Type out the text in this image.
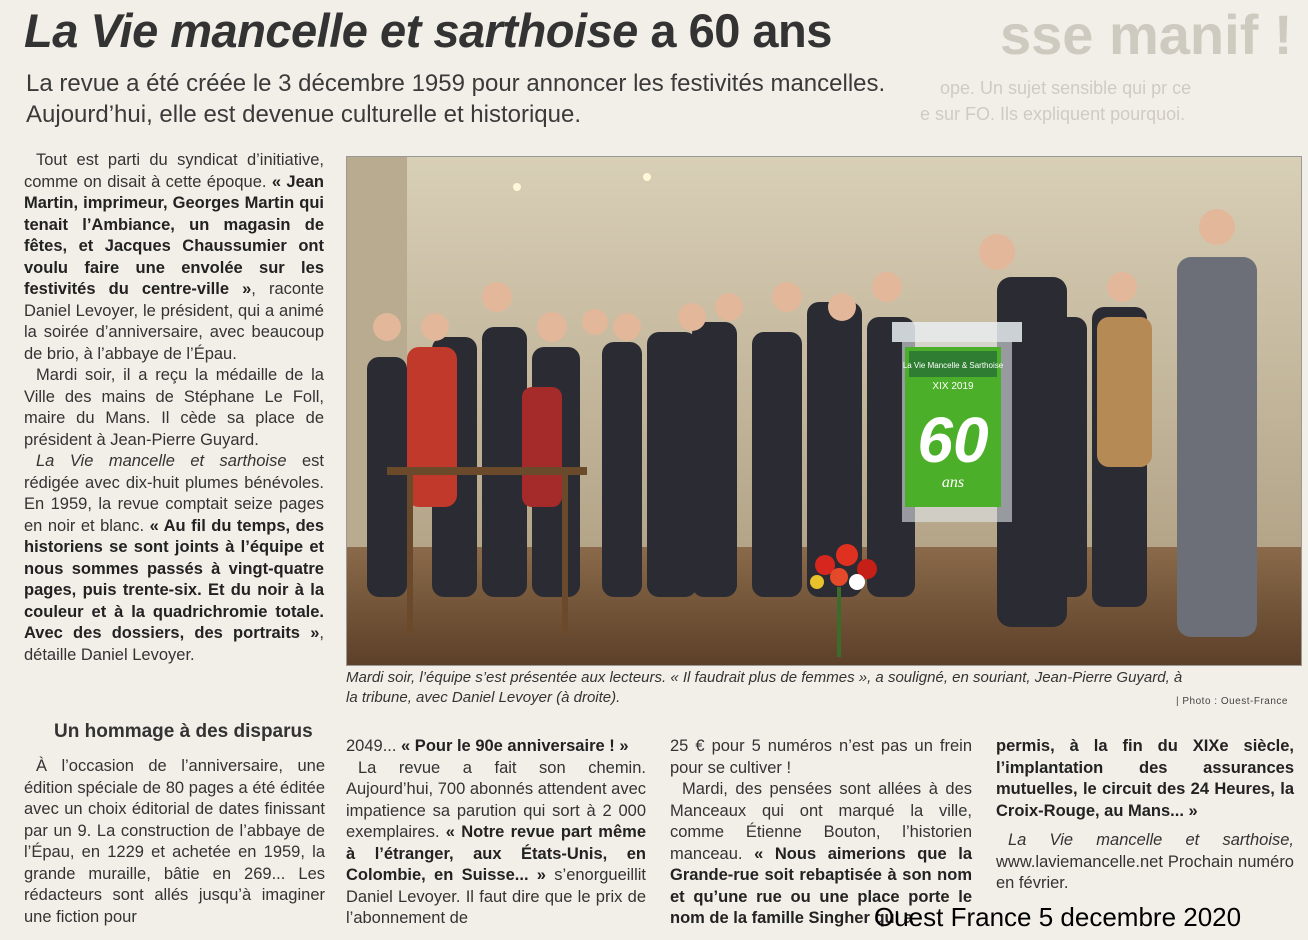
sse manif !
ope. Un sujet sensible qui pr ce
e sur FO. Ils expliquent pourquoi.
La Vie mancelle et sarthoise a 60 ans
La revue a été créée le 3 décembre 1959 pour annoncer les festivités mancelles. Aujourd’hui, elle est devenue culturelle et historique.

Tout est parti du syndicat d’initiative, comme on disait à cette époque. « Jean Martin, imprimeur, Georges Martin qui tenait l’Ambiance, un magasin de fêtes, et Jacques Chaussumier ont voulu faire une envolée sur les festivités du centre-ville », raconte Daniel Levoyer, le président, qui a animé la soirée d’anniversaire, avec beaucoup de brio, à l’abbaye de l’Épau.

Mardi soir, il a reçu la médaille de la Ville des mains de Stéphane Le Foll, maire du Mans. Il cède sa place de président à Jean-Pierre Guyard.

La Vie mancelle et sarthoise est rédigée avec dix-huit plumes bénévoles. En 1959, la revue comptait seize pages en noir et blanc. « Au fil du temps, des historiens se sont joints à l’équipe et nous sommes passés à vingt-quatre pages, puis trente-six. Et du noir à la couleur et à la quadrichromie totale. Avec des dossiers, des portraits », détaille Daniel Levoyer.

Un hommage à des disparus

À l’occasion de l’anniversaire, une édition spéciale de 80 pages a été éditée avec un choix éditorial de dates finissant par un 9. La construction de l’abbaye de l’Épau, en 1229 et achetée en 1959, la grande muraille, bâtie en 269... Les rédacteurs sont allés jusqu’à imaginer une fiction pour

La Vie Mancelle & Sarthoise
XIX 2019
60
ans
Mardi soir, l’équipe s’est présentée aux lecteurs. « Il faudrait plus de femmes », a souligné, en souriant, Jean-Pierre Guyard, à la tribune, avec Daniel Levoyer (à droite).	| Photo : Ouest-France

2049... « Pour le 90e anniversaire ! »

La revue a fait son chemin. Aujourd’hui, 700 abonnés attendent avec impatience sa parution qui sort à 2 000 exemplaires. « Notre revue part même à l’étranger, aux États-Unis, en Colombie, en Suisse... » s’enorgueillit Daniel Levoyer. Il faut dire que le prix de l’abonnement de

25 € pour 5 numéros n’est pas un frein pour se cultiver !

Mardi, des pensées sont allées à des Manceaux qui ont marqué la ville, comme Étienne Bouton, l’historien manceau. « Nous aimerions que la Grande-rue soit rebaptisée à son nom et qu’une rue ou une place porte le nom de la famille Singher qui a

permis, à la fin du XIXe siècle, l’implantation des assurances mutuelles, le circuit des 24 Heures, la Croix-Rouge, au Mans... »

La Vie mancelle et sarthoise, www.laviemancelle.net Prochain numéro en février.

Ouest France 5 decembre 2020
